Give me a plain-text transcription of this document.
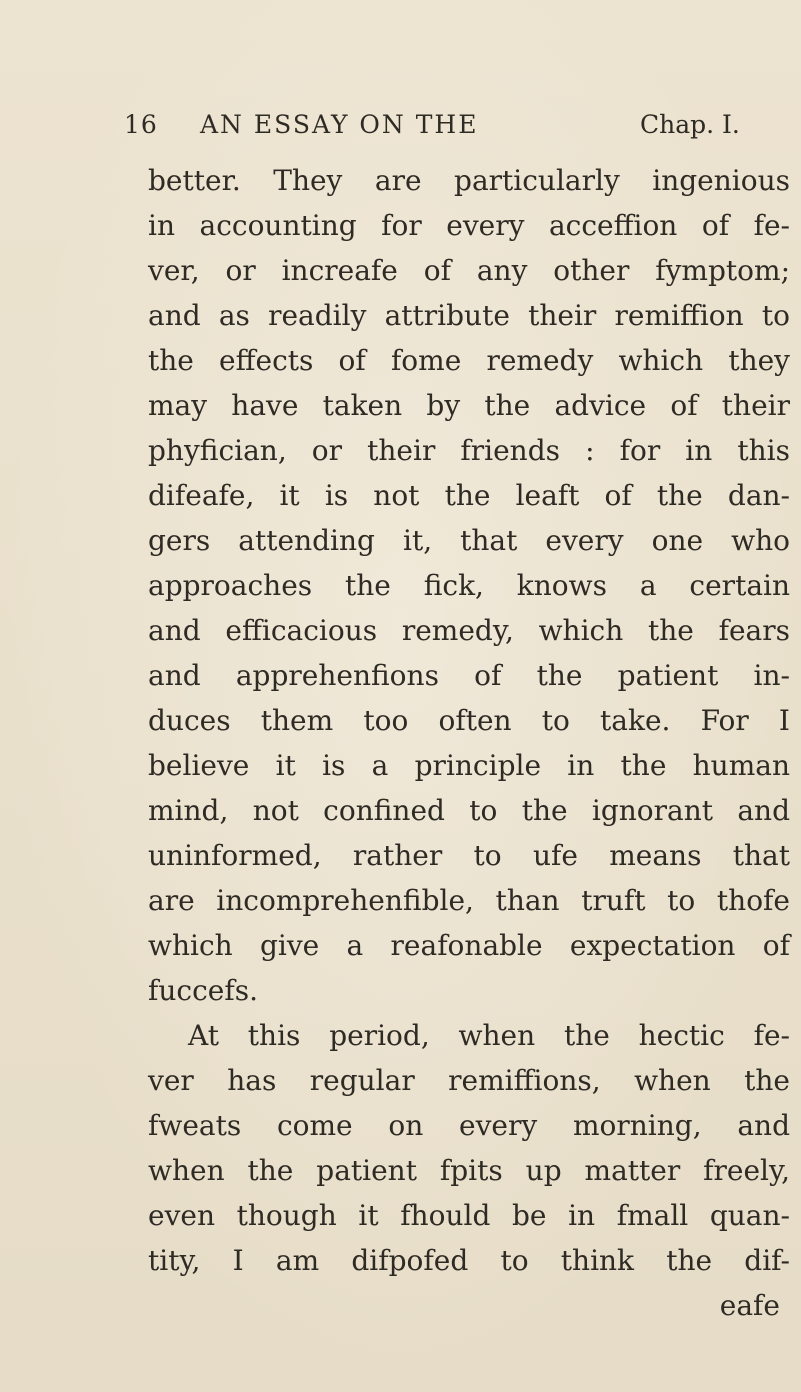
16 AN ESSAY ON THE	Chap. I.
better. They are particularly ingenious
in accounting for every acceffion of fe-
ver, or increafe of any other fymptom;
and as readily attribute their remiffion to
the effects of fome remedy which they
may have taken by the advice of their
phyfician, or their friends : for in this
difeafe, it is not the leaft of the dan-
gers attending it, that every one who
approaches the fick, knows a certain
and efficacious remedy, which the fears
and apprehenfions of the patient in-
duces them too often to take. For I
believe it is a principle in the human
mind, not confined to the ignorant and
uninformed, rather to ufe means that
are incomprehenfible, than truft to thofe
which give a reafonable expectation of
fuccefs.
At this period, when the hectic fe-
ver has regular remiffions, when the
fweats come on every morning, and
when the patient fpits up matter freely,
even though it fhould be in fmall quan-
tity, I am difpofed to think the dif-
eafe
